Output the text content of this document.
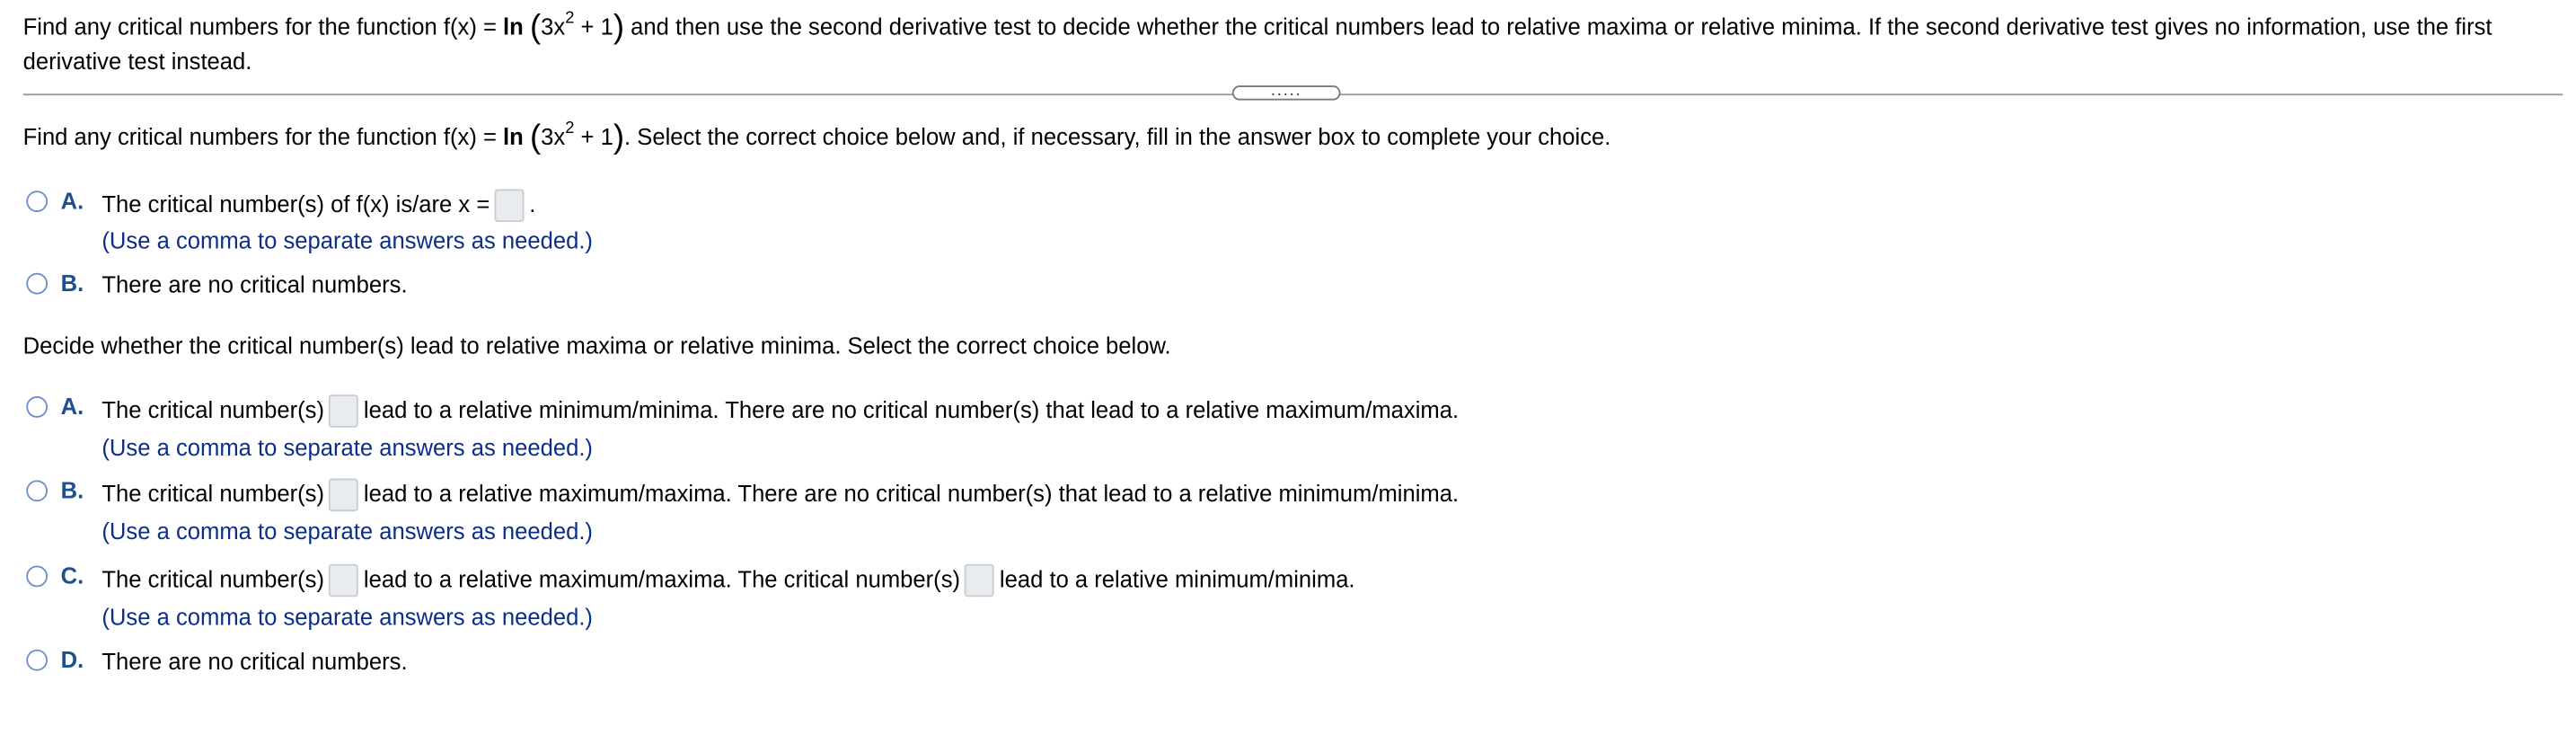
Find any critical numbers for the function $f(x) = \ln (3x^2 + 1)$ and then use the second derivative test to decide whether the critical numbers lead to relative maxima or relative minima. If the second derivative test gives no information, use the first derivative test instead.
.....
Find any critical numbers for the function $f(x) = \ln (3x^2 + 1)$. Select the correct choice below and, if necessary, fill in the answer box to complete your choice.
A. The critical number(s) of f(x) is/are x =	.
(Use a comma to separate answers as needed.)
B. There are no critical numbers.
Decide whether the critical number(s) lead to relative maxima or relative minima. Select the correct choice below.
A. The critical number(s)	lead to a relative minimum/minima. There are no critical number(s) that lead to a relative maximum/maxima.
(Use a comma to separate answers as needed.)
B. The critical number(s)	lead to a relative maximum/maxima. There are no critical number(s) that lead to a relative minimum/minima.
(Use a comma to separate answers as needed.)
C. The critical number(s)	lead to a relative maximum/maxima. The critical number(s)	lead to a relative minimum/minima.
(Use a comma to separate answers as needed.)
D. There are no critical numbers.
